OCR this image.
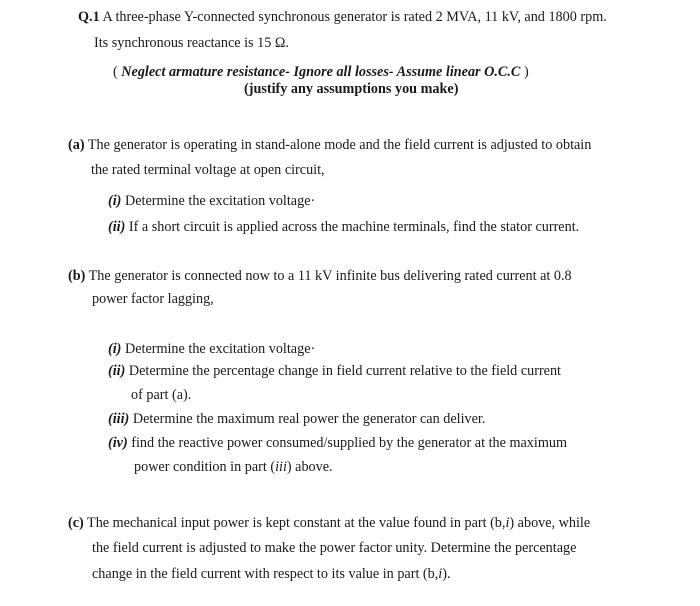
Q.1 A three-phase Y-connected synchronous generator is rated 2 MVA, 11 kV, and 1800 rpm.
Its synchronous reactance is 15 Ω.
( Neglect armature resistance- Ignore all losses- Assume linear O.C.C )
(justify any assumptions you make)
(a) The generator is operating in stand-alone mode and the field current is adjusted to obtain
the rated terminal voltage at open circuit,
(i) Determine the excitation voltage·
(ii) If a short circuit is applied across the machine terminals, find the stator current.
(b) The generator is connected now to a 11 kV infinite bus delivering rated current at 0.8
power factor lagging,
(i) Determine the excitation voltage·
(ii) Determine the percentage change in field current relative to the field current
of part (a).
(iii) Determine the maximum real power the generator can deliver.
(iv) find the reactive power consumed/supplied by the generator at the maximum
power condition in part (iii) above.
(c) The mechanical input power is kept constant at the value found in part (b,i) above, while
the field current is adjusted to make the power factor unity. Determine the percentage
change in the field current with respect to its value in part (b,i).
